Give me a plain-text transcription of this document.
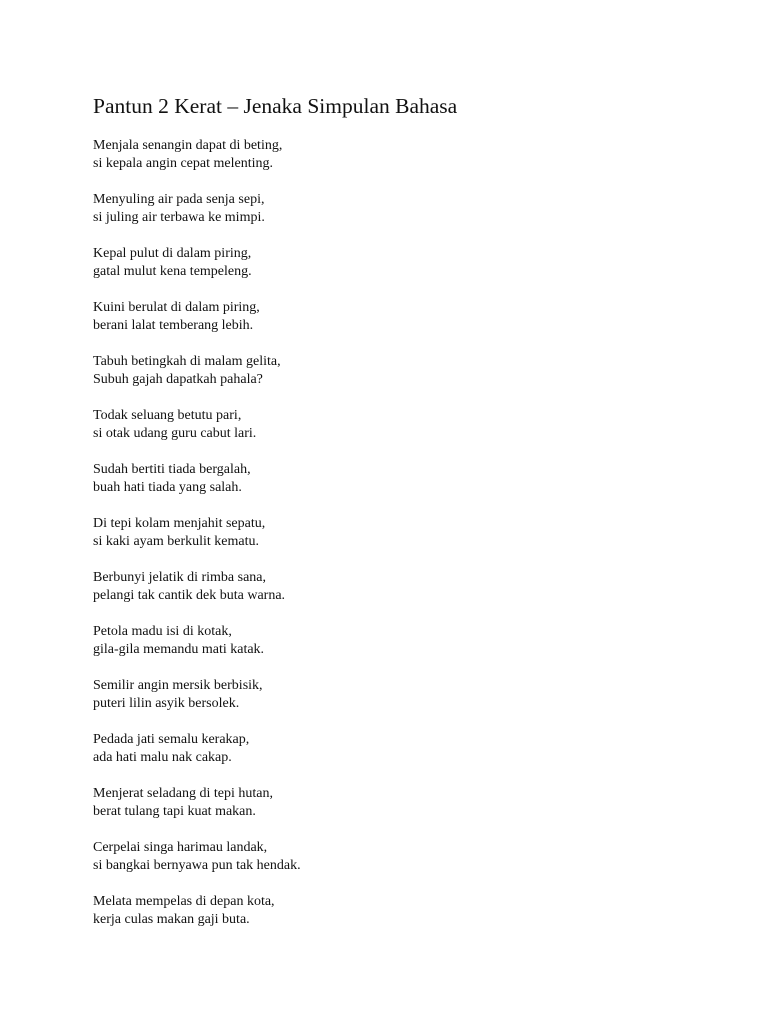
Pantun 2 Kerat – Jenaka Simpulan Bahasa
Menjala senangin dapat di beting,
si kepala angin cepat melenting.
Menyuling air pada senja sepi,
si juling air terbawa ke mimpi.
Kepal pulut di dalam piring,
gatal mulut kena tempeleng.
Kuini berulat di dalam piring,
berani lalat temberang lebih.
Tabuh betingkah di malam gelita,
Subuh gajah dapatkah pahala?
Todak seluang betutu pari,
si otak udang guru cabut lari.
Sudah bertiti tiada bergalah,
buah hati tiada yang salah.
Di tepi kolam menjahit sepatu,
si kaki ayam berkulit kematu.
Berbunyi jelatik di rimba sana,
pelangi tak cantik dek buta warna.
Petola madu isi di kotak,
gila-gila memandu mati katak.
Semilir angin mersik berbisik,
puteri lilin asyik bersolek.
Pedada jati semalu kerakap,
ada hati malu nak cakap.
Menjerat seladang di tepi hutan,
berat tulang tapi kuat makan.
Cerpelai singa harimau landak,
si bangkai bernyawa pun tak hendak.
Melata mempelas di depan kota,
kerja culas makan gaji buta.
